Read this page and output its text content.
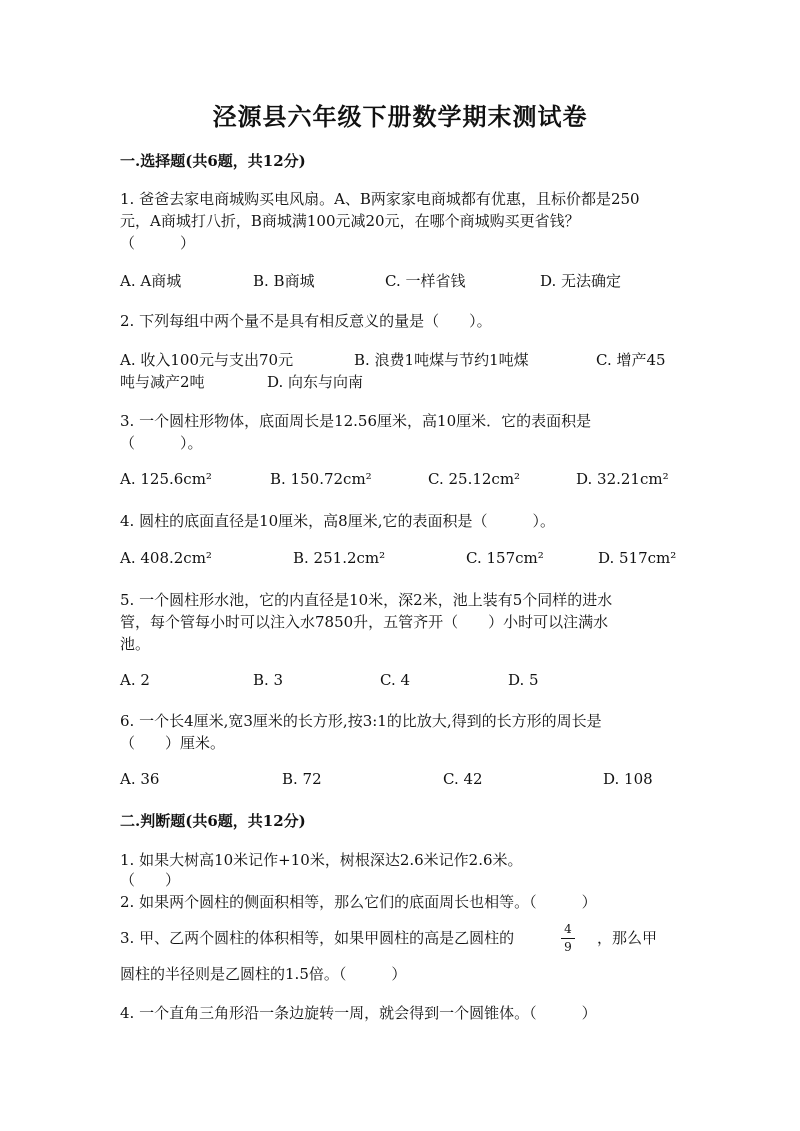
泾源县六年级下册数学期末测试卷
一.选择题(共6题，共12分)
1. 爸爸去家电商城购买电风扇。A、B两家家电商城都有优惠，且标价都是250
元，A商城打八折，B商城满100元减20元，在哪个商城购买更省钱？
（　　　）
A. A商城	B. B商城	C. 一样省钱	D. 无法确定
2. 下列每组中两个量不是具有相反意义的量是（　　）。
A. 收入100元与支出70元	B. 浪费1吨煤与节约1吨煤	C. 增产45
吨与减产2吨	D. 向东与向南
3. 一个圆柱形物体，底面周长是12.56厘米，高10厘米．它的表面积是
（　　　）。
A. 125.6cm²	B. 150.72cm²	C. 25.12cm²	D. 32.21cm²
4. 圆柱的底面直径是10厘米，高8厘米,它的表面积是（　　　）。
A. 408.2cm²	B. 251.2cm²	C. 157cm²	D. 517cm²
5. 一个圆柱形水池，它的内直径是10米，深2米，池上装有5个同样的进水
管，每个管每小时可以注入水7850升，五管齐开（　　）小时可以注满水
池。
A. 2	B. 3	C. 4	D. 5
6. 一个长4厘米,宽3厘米的长方形,按3:1的比放大,得到的长方形的周长是
（　　）厘米。
A. 36	B. 72	C. 42	D. 108
二.判断题(共6题，共12分)
1. 如果大树高10米记作+10米，树根深达2.6米记作2.6米。
（　　）
2. 如果两个圆柱的侧面积相等，那么它们的底面周长也相等。（　　　）
3. 甲、乙两个圆柱的体积相等，如果甲圆柱的高是乙圆柱的	4
9 ，那么甲
圆柱的半径则是乙圆柱的1.5倍。（　　　）
4. 一个直角三角形沿一条边旋转一周，就会得到一个圆锥体。（　　　）
